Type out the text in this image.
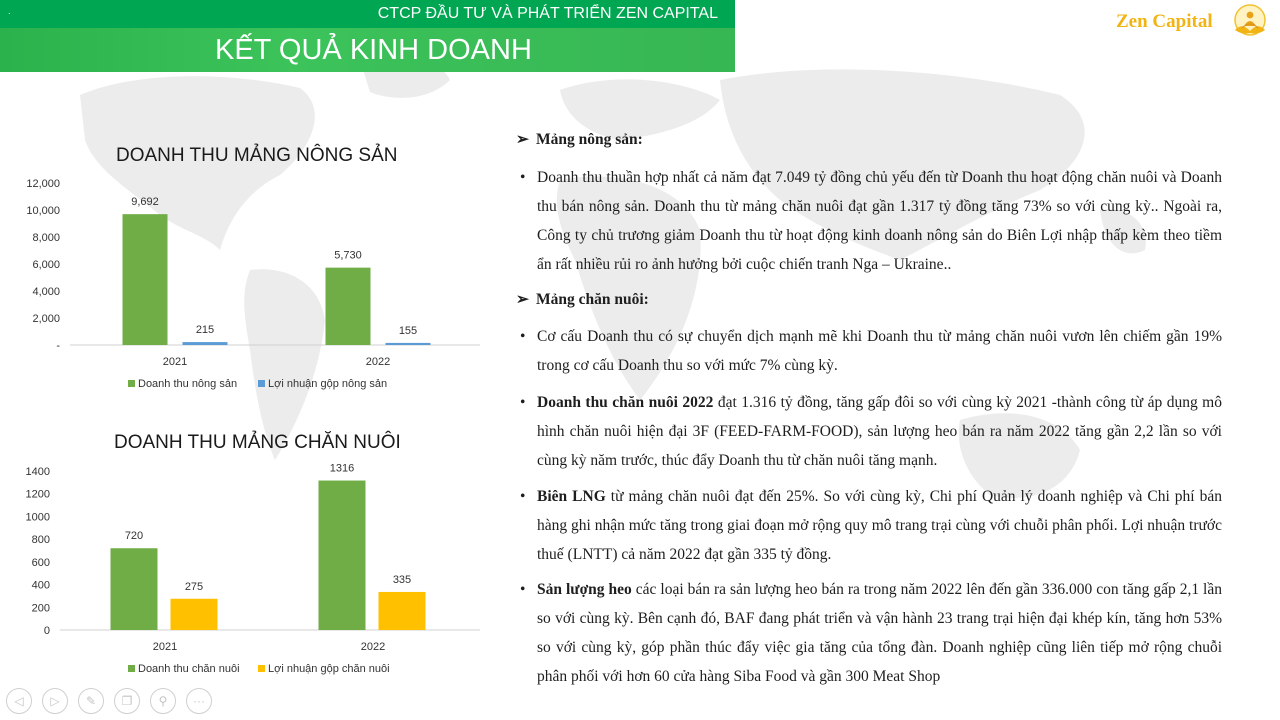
.	CTCP ĐẦU TƯ VÀ PHÁT TRIỂN ZEN CAPITAL
KẾT QUẢ KINH DOANH
Zen Capital
DOANH THU MẢNG NÔNG SẢN
-
2,000
4,000
6,000
8,000
10,000
12,000
9,692
5,730
215	155
2021	2022
Doanh thu nông sản	Lợi nhuận gộp nông sản
DOANH THU MẢNG CHĂN NUÔI
0
200
400
600
800
1000
1200
1400
720
1316
275
335
2021	2022
Doanh thu chăn nuôi	Lợi nhuận gộp chăn nuôi
➢ Mảng nông sản:
• Doanh thu thuần hợp nhất cả năm đạt 7.049 tỷ đồng chủ yếu đến từ Doanh thu hoạt động chăn nuôi và Doanh thu bán nông sản. Doanh thu từ mảng chăn nuôi đạt gần 1.317 tỷ đồng tăng 73% so với cùng kỳ.. Ngoài ra, Công ty chủ trương giảm Doanh thu từ hoạt động kinh doanh nông sản do Biên Lợi nhập thấp kèm theo tiềm ẩn rất nhiều rủi ro ảnh hưởng bởi cuộc chiến tranh Nga – Ukraine..
➢ Mảng chăn nuôi:
• Cơ cấu Doanh thu có sự chuyển dịch mạnh mẽ khi Doanh thu từ mảng chăn nuôi vươn lên chiếm gần 19% trong cơ cấu Doanh thu so với mức 7% cùng kỳ.
• Doanh thu chăn nuôi 2022 đạt 1.316 tỷ đồng, tăng gấp đôi so với cùng kỳ 2021 -thành công từ áp dụng mô hình chăn nuôi hiện đại 3F (FEED-FARM-FOOD), sản lượng heo bán ra năm 2022 tăng gần 2,2 lần so với cùng kỳ năm trước, thúc đẩy Doanh thu từ chăn nuôi tăng mạnh.
• Biên LNG từ mảng chăn nuôi đạt đến 25%. So với cùng kỳ, Chi phí Quản lý doanh nghiệp và Chi phí bán hàng ghi nhận mức tăng trong giai đoạn mở rộng quy mô trang trại cùng với chuỗi phân phối. Lợi nhuận trước thuế (LNTT) cả năm 2022 đạt gần 335 tỷ đồng.
• Sản lượng heo các loại bán ra sản lượng heo bán ra trong năm 2022 lên đến gần 336.000 con tăng gấp 2,1 lần so với cùng kỳ. Bên cạnh đó, BAF đang phát triển và vận hành 23 trang trại hiện đại khép kín, tăng hơn 53% so với cùng kỳ, góp phần thúc đẩy việc gia tăng của tổng đàn. Doanh nghiệp cũng liên tiếp mở rộng chuỗi phân phối với hơn 60 cửa hàng Siba Food và gần 300 Meat Shop
◁	▷	✎	❐	⚲	···
